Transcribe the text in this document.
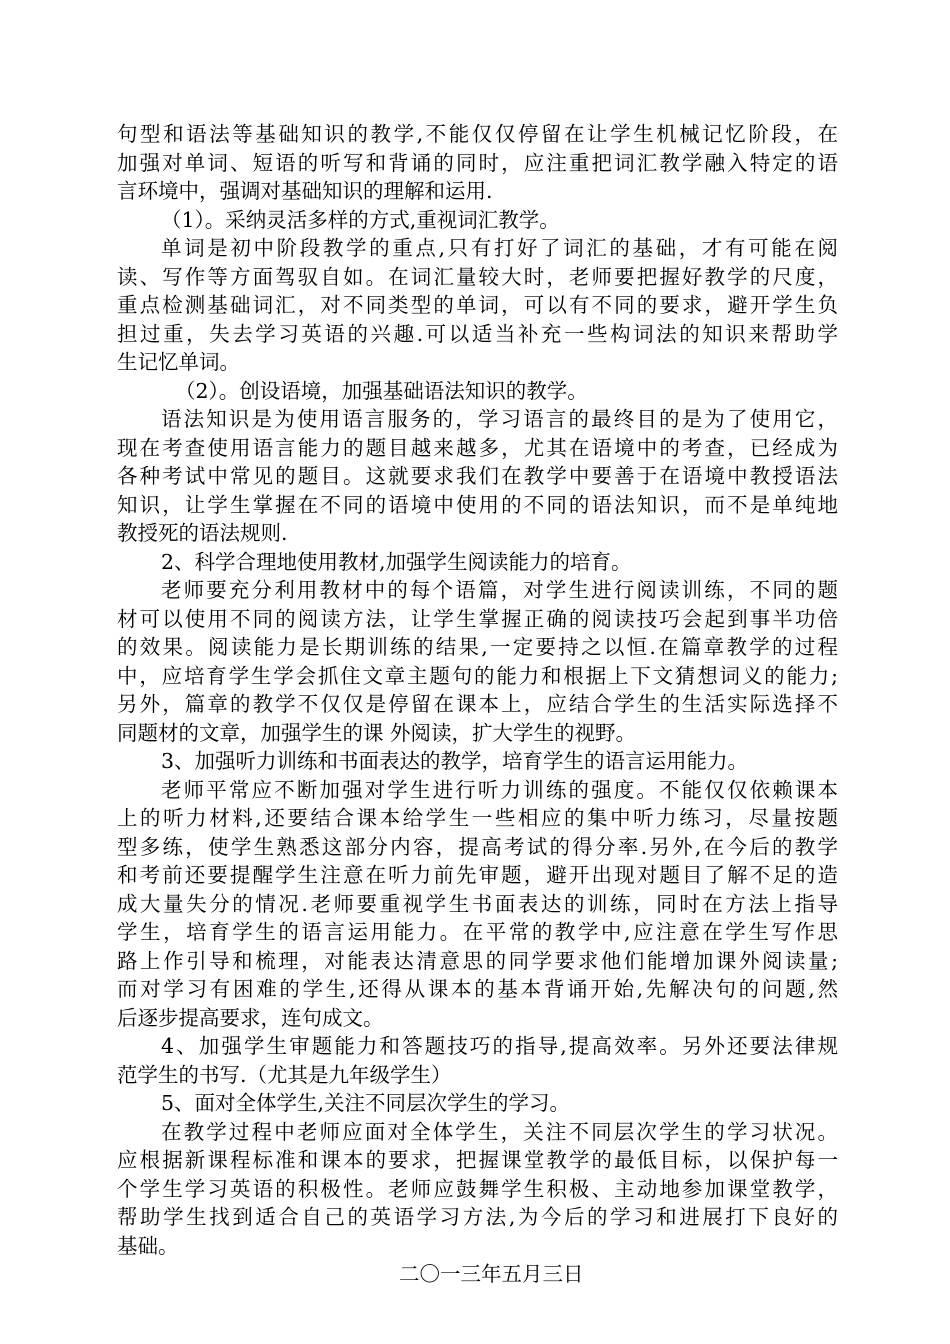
句型和语法等基础知识的教学,不能仅仅停留在让学生机械记忆阶段，在
加强对单词、短语的听写和背诵的同时，应注重把词汇教学融入特定的语
言环境中，强调对基础知识的理解和运用.
（1）。采纳灵活多样的方式,重视词汇教学。
单词是初中阶段教学的重点,只有打好了词汇的基础，才有可能在阅
读、写作等方面驾驭自如。在词汇量较大时，老师要把握好教学的尺度，
重点检测基础词汇，对不同类型的单词，可以有不同的要求，避开学生负
担过重，失去学习英语的兴趣.可以适当补充一些构词法的知识来帮助学
生记忆单词。
（2）。创设语境，加强基础语法知识的教学。
语法知识是为使用语言服务的，学习语言的最终目的是为了使用它，
现在考查使用语言能力的题目越来越多，尤其在语境中的考查，已经成为
各种考试中常见的题目。这就要求我们在教学中要善于在语境中教授语法
知识，让学生掌握在不同的语境中使用的不同的语法知识，而不是单纯地
教授死的语法规则.
2、科学合理地使用教材,加强学生阅读能力的培育。
老师要充分利用教材中的每个语篇，对学生进行阅读训练，不同的题
材可以使用不同的阅读方法，让学生掌握正确的阅读技巧会起到事半功倍
的效果。阅读能力是长期训练的结果,一定要持之以恒.在篇章教学的过程
中，应培育学生学会抓住文章主题句的能力和根据上下文猜想词义的能力;
另外，篇章的教学不仅仅是停留在课本上，应结合学生的生活实际选择不
同题材的文章，加强学生的课 外阅读，扩大学生的视野。
3、加强听力训练和书面表达的教学，培育学生的语言运用能力。
老师平常应不断加强对学生进行听力训练的强度。不能仅仅依赖课本
上的听力材料,还要结合课本给学生一些相应的集中听力练习，尽量按题
型多练，使学生熟悉这部分内容，提高考试的得分率.另外,在今后的教学
和考前还要提醒学生注意在听力前先审题，避开出现对题目了解不足的造
成大量失分的情况.老师要重视学生书面表达的训练，同时在方法上指导
学生，培育学生的语言运用能力。在平常的教学中,应注意在学生写作思
路上作引导和梳理，对能表达清意思的同学要求他们能增加课外阅读量;
而对学习有困难的学生,还得从课本的基本背诵开始,先解决句的问题,然
后逐步提高要求，连句成文。
4、加强学生审题能力和答题技巧的指导,提高效率。另外还要法律规
范学生的书写.（尤其是九年级学生）
5、面对全体学生,关注不同层次学生的学习。
在教学过程中老师应面对全体学生，关注不同层次学生的学习状况。
应根据新课程标准和课本的要求，把握课堂教学的最低目标，以保护每一
个学生学习英语的积极性。老师应鼓舞学生积极、主动地参加课堂教学，
帮助学生找到适合自己的英语学习方法,为今后的学习和进展打下良好的
基础。
二〇一三年五月三日
